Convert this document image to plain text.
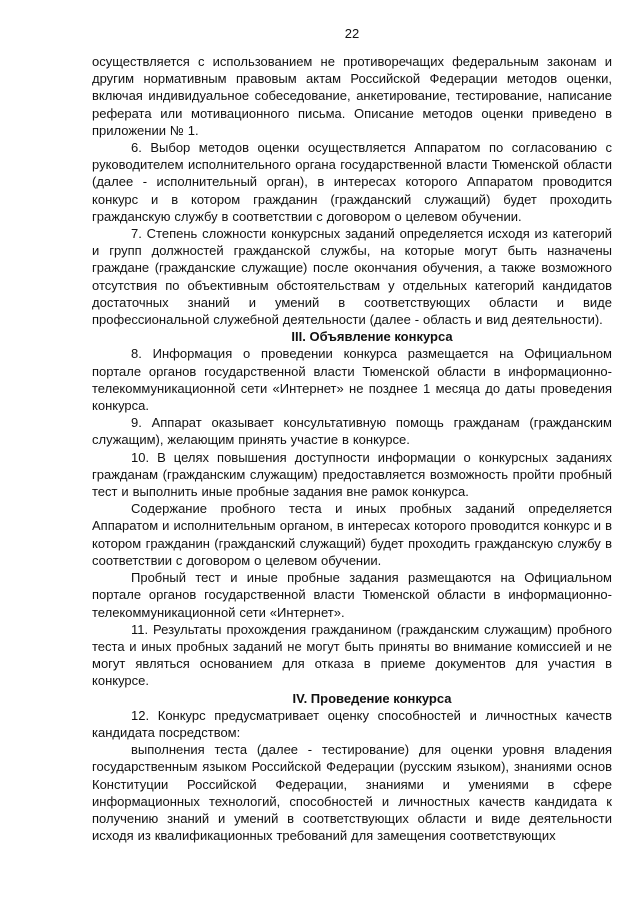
22

осуществляется с использованием не противоречащих федеральным законам и другим нормативным правовым актам Российской Федерации методов оценки, включая индивидуальное собеседование, анкетирование, тестирование, написание реферата или мотивационного письма. Описание методов оценки приведено в приложении № 1.

6. Выбор методов оценки осуществляется Аппаратом по согласованию с руководителем исполнительного органа государственной власти Тюменской области (далее - исполнительный орган), в интересах которого Аппаратом проводится конкурс и в котором гражданин (гражданский служащий) будет проходить гражданскую службу в соответствии с договором о целевом обучении.

7. Степень сложности конкурсных заданий определяется исходя из категорий и групп должностей гражданской службы, на которые могут быть назначены граждане (гражданские служащие) после окончания обучения, а также возможного отсутствия по объективным обстоятельствам у отдельных категорий кандидатов достаточных знаний и умений в соответствующих области и виде профессиональной служебной деятельности (далее - область и вид деятельности).

III. Объявление конкурса

8. Информация о проведении конкурса размещается на Официальном портале органов государственной власти Тюменской области в информационно-телекоммуникационной сети «Интернет» не позднее 1 месяца до даты проведения конкурса.

9. Аппарат оказывает консультативную помощь гражданам (гражданским служащим), желающим принять участие в конкурсе.

10. В целях повышения доступности информации о конкурсных заданиях гражданам (гражданским служащим) предоставляется возможность пройти пробный тест и выполнить иные пробные задания вне рамок конкурса.

Содержание пробного теста и иных пробных заданий определяется Аппаратом и исполнительным органом, в интересах которого проводится конкурс и в котором гражданин (гражданский служащий) будет проходить гражданскую службу в соответствии с договором о целевом обучении.

Пробный тест и иные пробные задания размещаются на Официальном портале органов государственной власти Тюменской области в информационно-телекоммуникационной сети «Интернет».

11. Результаты прохождения гражданином (гражданским служащим) пробного теста и иных пробных заданий не могут быть приняты во внимание комиссией и не могут являться основанием для отказа в приеме документов для участия в конкурсе.

IV. Проведение конкурса

12. Конкурс предусматривает оценку способностей и личностных качеств кандидата посредством:

выполнения теста (далее - тестирование) для оценки уровня владения государственным языком Российской Федерации (русским языком), знаниями основ Конституции Российской Федерации, знаниями и умениями в сфере информационных технологий, способностей и личностных качеств кандидата к получению знаний и умений в соответствующих области и виде деятельности исходя из квалификационных требований для замещения соответствующих
